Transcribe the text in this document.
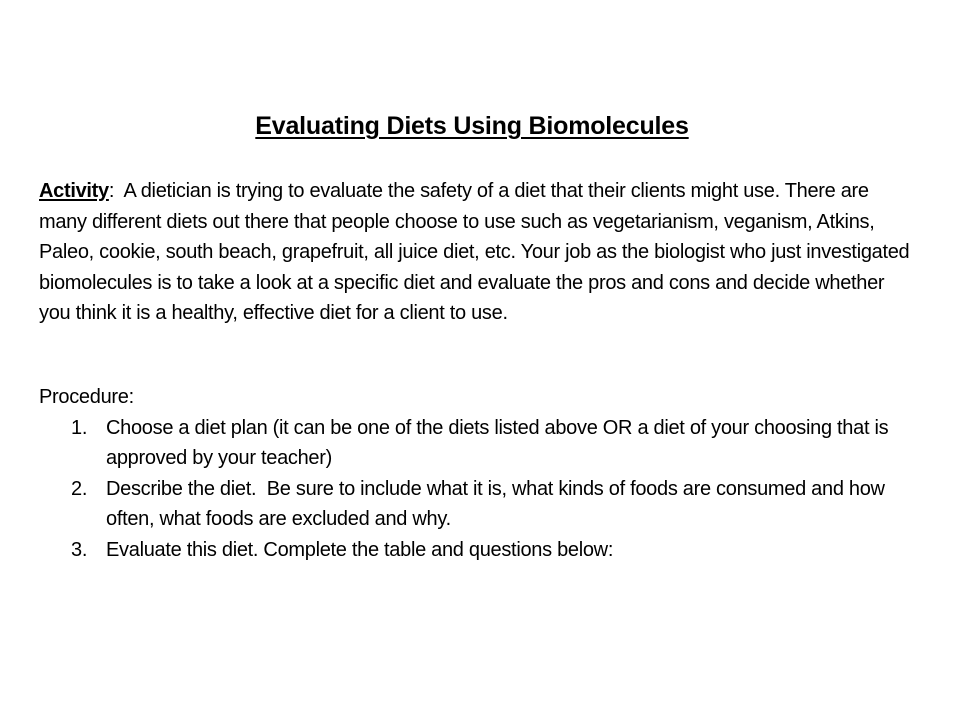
Evaluating Diets Using Biomolecules
Activity:  A dietician is trying to evaluate the safety of a diet that their clients might use. There are many different diets out there that people choose to use such as vegetarianism, veganism, Atkins, Paleo, cookie, south beach, grapefruit, all juice diet, etc. Your job as the biologist who just investigated biomolecules is to take a look at a specific diet and evaluate the pros and cons and decide whether you think it is a healthy, effective diet for a client to use.
Procedure:
1. Choose a diet plan (it can be one of the diets listed above OR a diet of your choosing that is approved by your teacher)
2. Describe the diet.  Be sure to include what it is, what kinds of foods are consumed and how often, what foods are excluded and why.
3. Evaluate this diet. Complete the table and questions below:
